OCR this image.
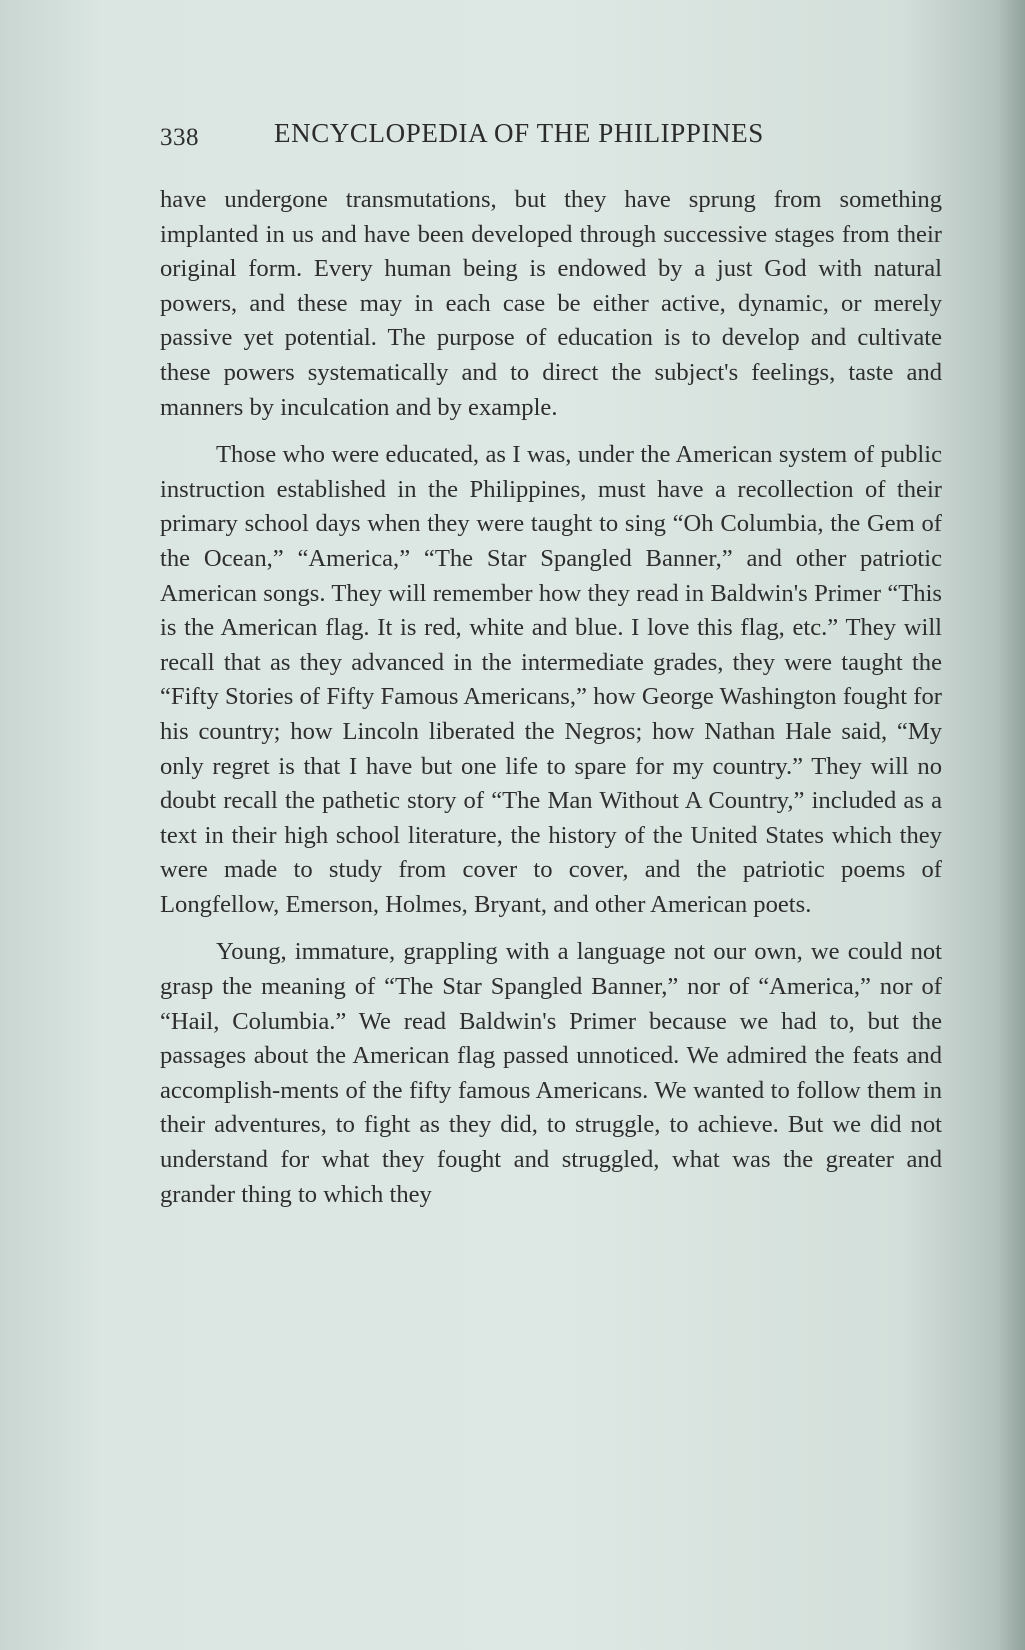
338	ENCYCLOPEDIA OF THE PHILIPPINES

have undergone transmutations, but they have sprung from something implanted in us and have been developed through successive stages from their original form. Every human being is endowed by a just God with natural powers, and these may in each case be either active, dynamic, or merely passive yet potential. The purpose of education is to develop and cultivate these powers systematically and to direct the subject's feelings, taste and manners by inculcation and by example.

Those who were educated, as I was, under the American system of public instruction established in the Philippines, must have a recollection of their primary school days when they were taught to sing “Oh Columbia, the Gem of the Ocean,” “America,” “The Star Spangled Banner,” and other patriotic American songs. They will remember how they read in Baldwin's Primer “This is the American flag. It is red, white and blue. I love this flag, etc.” They will recall that as they advanced in the intermediate grades, they were taught the “Fifty Stories of Fifty Famous Americans,” how George Washington fought for his country; how Lincoln liberated the Negros; how Nathan Hale said, “My only regret is that I have but one life to spare for my country.” They will no doubt recall the pathetic story of “The Man Without A Country,” included as a text in their high school literature, the history of the United States which they were made to study from cover to cover, and the patriotic poems of Longfellow, Emerson, Holmes, Bryant, and other American poets.

Young, immature, grappling with a language not our own, we could not grasp the meaning of “The Star Spangled Banner,” nor of “America,” nor of “Hail, Columbia.” We read Baldwin's Primer because we had to, but the passages about the American flag passed unnoticed. We admired the feats and accomplish-ments of the fifty famous Americans. We wanted to follow them in their adventures, to fight as they did, to struggle, to achieve. But we did not understand for what they fought and struggled, what was the greater and grander thing to which they
